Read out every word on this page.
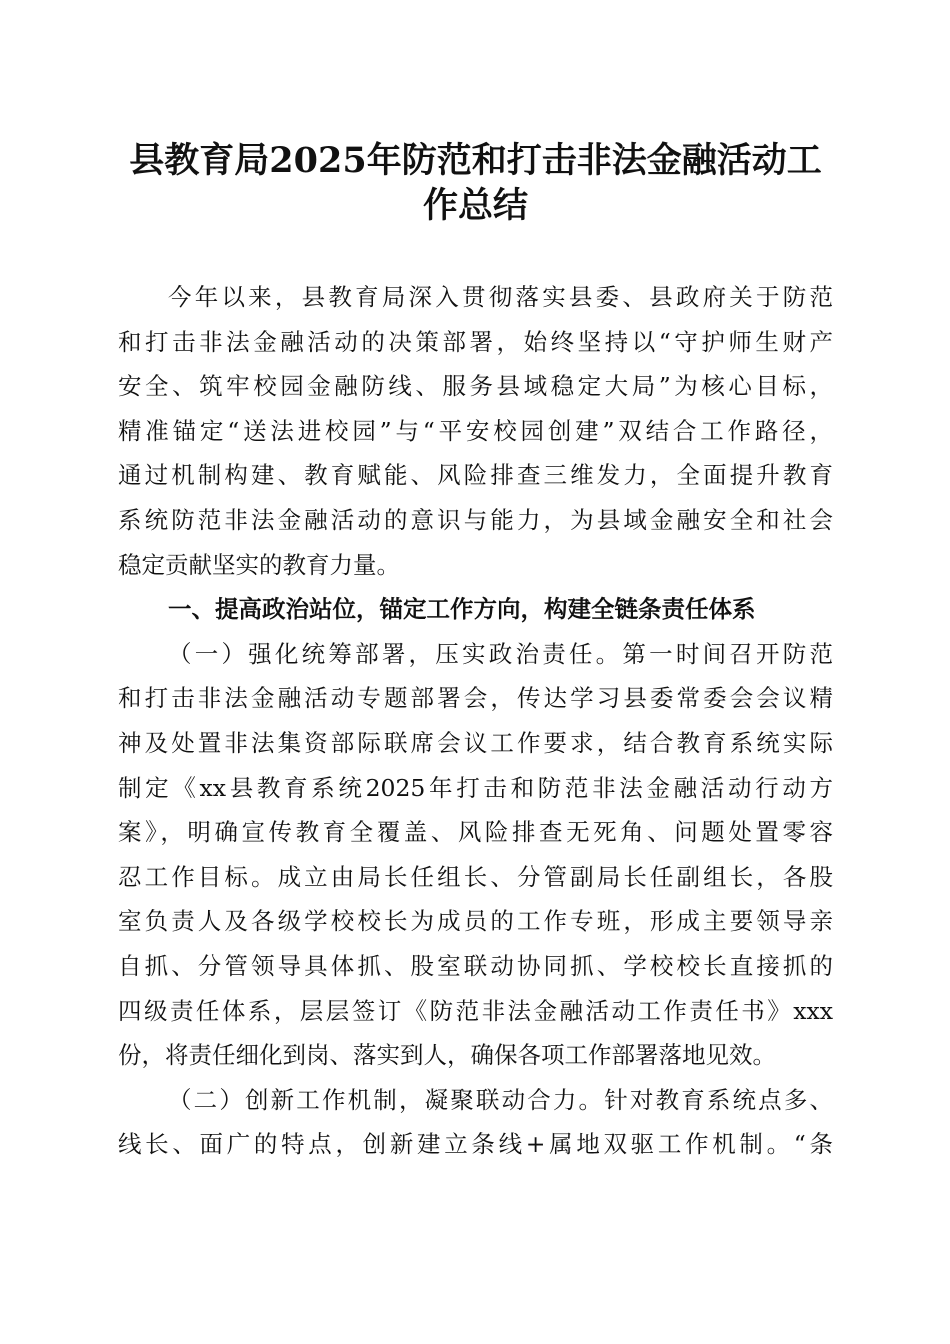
县教育局2025年防范和打击非法金融活动工
作总结
今年以来，县教育局深入贯彻落实县委、县政府关于防范
和打击非法金融活动的决策部署，始终坚持以“守护师生财产
安全、筑牢校园金融防线、服务县域稳定大局”为核心目标，
精准锚定“送法进校园”与“平安校园创建”双结合工作路径，
通过机制构建、教育赋能、风险排查三维发力，全面提升教育
系统防范非法金融活动的意识与能力，为县域金融安全和社会
稳定贡献坚实的教育力量。
一、提高政治站位，锚定工作方向，构建全链条责任体系
（一）强化统筹部署，压实政治责任。第一时间召开防范
和打击非法金融活动专题部署会，传达学习县委常委会会议精
神及处置非法集资部际联席会议工作要求，结合教育系统实际
制定《xx县教育系统2025年打击和防范非法金融活动行动方
案》，明确宣传教育全覆盖、风险排查无死角、问题处置零容
忍工作目标。成立由局长任组长、分管副局长任副组长，各股
室负责人及各级学校校长为成员的工作专班，形成主要领导亲
自抓、分管领导具体抓、股室联动协同抓、学校校长直接抓的
四级责任体系，层层签订《防范非法金融活动工作责任书》xxx
份，将责任细化到岗、落实到人，确保各项工作部署落地见效。
（二）创新工作机制，凝聚联动合力。针对教育系统点多、
线长、面广的特点，创新建立条线+属地双驱工作机制。“条
